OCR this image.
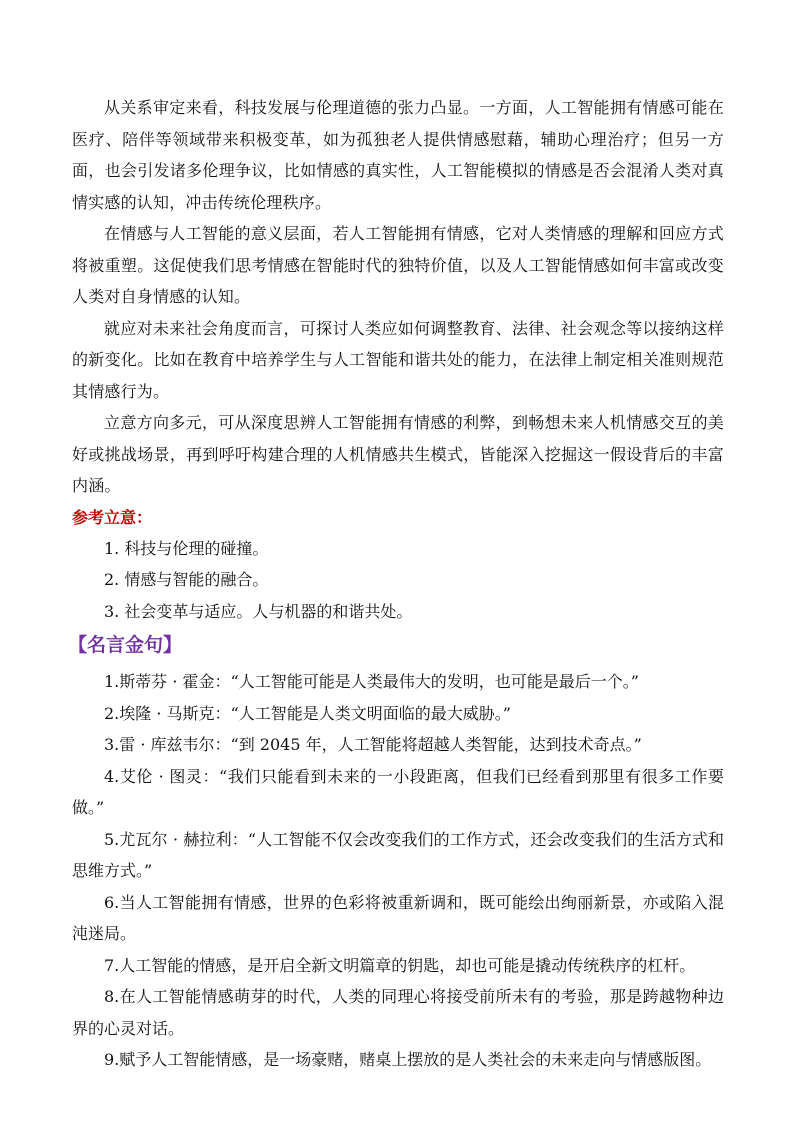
从关系审定来看，科技发展与伦理道德的张力凸显。一方面，人工智能拥有情感可能在医疗、陪伴等领域带来积极变革，如为孤独老人提供情感慰藉，辅助心理治疗；但另一方面，也会引发诸多伦理争议，比如情感的真实性，人工智能模拟的情感是否会混淆人类对真情实感的认知，冲击传统伦理秩序。

在情感与人工智能的意义层面，若人工智能拥有情感，它对人类情感的理解和回应方式将被重塑。这促使我们思考情感在智能时代的独特价值，以及人工智能情感如何丰富或改变人类对自身情感的认知。

就应对未来社会角度而言，可探讨人类应如何调整教育、法律、社会观念等以接纳这样的新变化。比如在教育中培养学生与人工智能和谐共处的能力，在法律上制定相关准则规范其情感行为。

立意方向多元，可从深度思辨人工智能拥有情感的利弊，到畅想未来人机情感交互的美好或挑战场景，再到呼吁构建合理的人机情感共生模式，皆能深入挖掘这一假设背后的丰富内涵。

参考立意：

1. 科技与伦理的碰撞。

2. 情感与智能的融合。

3. 社会变革与适应。人与机器的和谐共处。

【名言金句】

1.斯蒂芬 · 霍金：“人工智能可能是人类最伟大的发明，也可能是最后一个。”

2.埃隆 · 马斯克：“人工智能是人类文明面临的最大威胁。”

3.雷 · 库兹韦尔：“到 2045 年，人工智能将超越人类智能，达到技术奇点。”

4.艾伦 · 图灵：“我们只能看到未来的一小段距离，但我们已经看到那里有很多工作要做。”

5.尤瓦尔 · 赫拉利：“人工智能不仅会改变我们的工作方式，还会改变我们的生活方式和思维方式。”

6.当人工智能拥有情感，世界的色彩将被重新调和，既可能绘出绚丽新景，亦或陷入混沌迷局。

7.人工智能的情感，是开启全新文明篇章的钥匙，却也可能是撬动传统秩序的杠杆。

8.在人工智能情感萌芽的时代，人类的同理心将接受前所未有的考验，那是跨越物种边界的心灵对话。

9.赋予人工智能情感，是一场豪赌，赌桌上摆放的是人类社会的未来走向与情感版图。
